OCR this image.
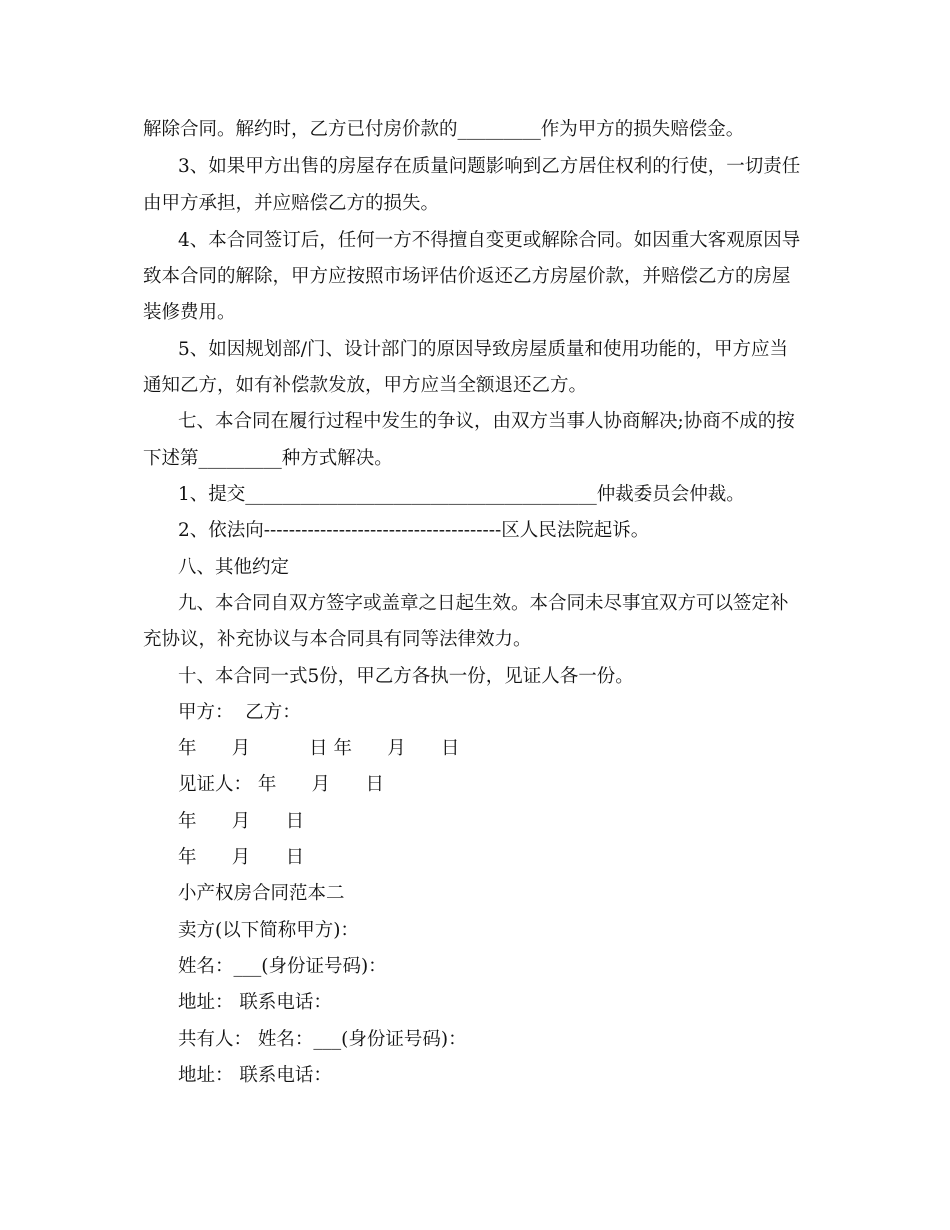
解除合同。解约时，乙方已付房价款的_________作为甲方的损失赔偿金。
3、如果甲方出售的房屋存在质量问题影响到乙方居住权利的行使，一切责任
由甲方承担，并应赔偿乙方的损失。
4、本合同签订后，任何一方不得擅自变更或解除合同。如因重大客观原因导
致本合同的解除，甲方应按照市场评估价返还乙方房屋价款，并赔偿乙方的房屋
装修费用。
5、如因规划部/门、设计部门的原因导致房屋质量和使用功能的，甲方应当
通知乙方，如有补偿款发放，甲方应当全额退还乙方。
七、本合同在履行过程中发生的争议，由双方当事人协商解决;协商不成的按
下述第_________种方式解决。
1、提交______________________________________仲裁委员会仲裁。
2、依法向--------------------------------------区人民法院起诉。
八、其他约定
九、本合同自双方签字或盖章之日起生效。本合同未尽事宜双方可以签定补
充协议，补充协议与本合同具有同等法律效力。
十、本合同一式5份，甲乙方各执一份，见证人各一份。
甲方：  乙方：
年      月          日 年      月      日
见证人： 年      月      日
年      月      日
年      月      日
小产权房合同范本二
卖方(以下简称甲方)：
姓名：___(身份证号码)：
地址： 联系电话：
共有人： 姓名：___(身份证号码)：
地址： 联系电话：
